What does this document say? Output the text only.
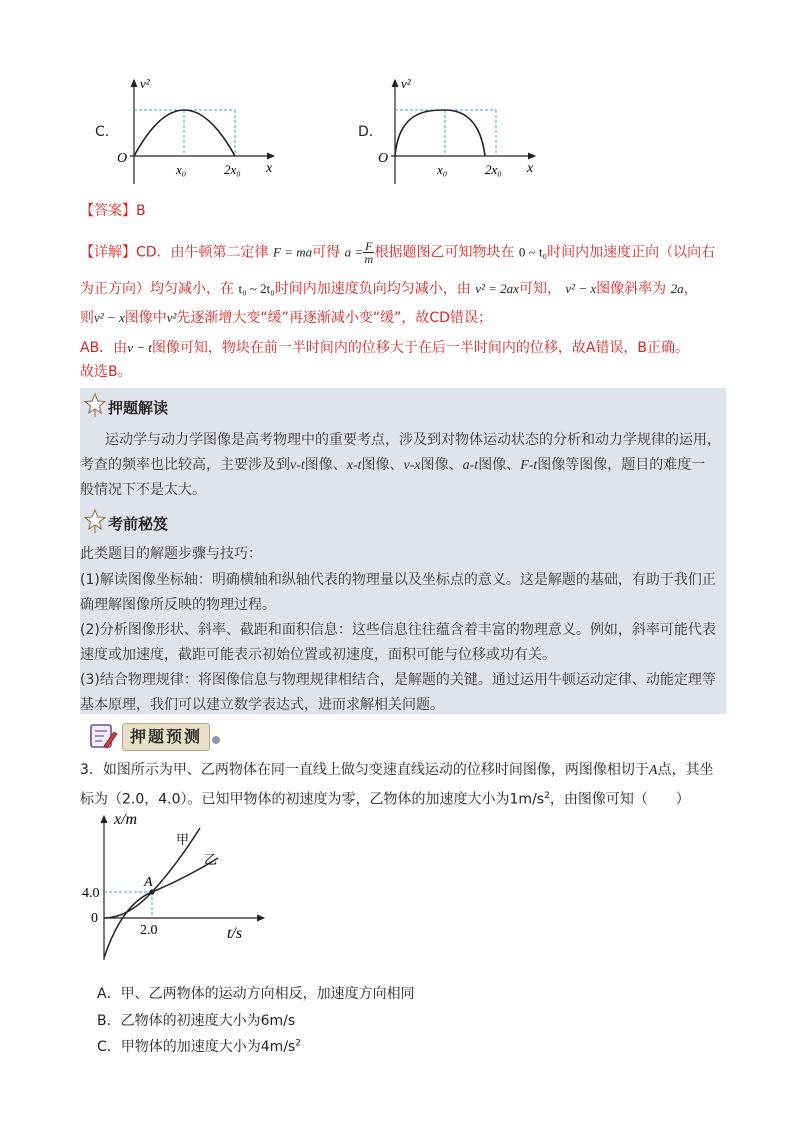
C.
v²
x
O
x₀	2x₀
D.
v²
x
O
x₀	2x₀
【答案】B
【详解】CD．由牛顿第二定律 F = ma可得 $a = \frac{F}{m}$ 根据题图乙可知物块在 0 ~ t₀时间内加速度正向（以向右
为正方向）均匀减小，在 t₀ ~ 2t₀时间内加速度负向均匀减小，由 v² = 2ax可知， v² − x图像斜率为 2a，
则v² − x图像中v²先逐渐增大变“缓”再逐渐减小变“缓”，故CD错误；
AB．由v − t图像可知，物块在前一半时间内的位移大于在后一半时间内的位移，故A错误，B正确。
故选B。
押题解读
运动学与动力学图像是高考物理中的重要考点，涉及到对物体运动状态的分析和动力学规律的运用，
考查的频率也比较高，主要涉及到v-t图像、x-t图像、v-x图像、a-t图像、F-t图像等图像，题目的难度一
般情况下不是太大。
考前秘笈
此类题目的解题步骤与技巧：
(1)解读图像坐标轴：明确横轴和纵轴代表的物理量以及坐标点的意义。这是解题的基础，有助于我们正
确理解图像所反映的物理过程。
(2)分析图像形状、斜率、截距和面积信息：这些信息往往蕴含着丰富的物理意义。例如，斜率可能代表
速度或加速度，截距可能表示初始位置或初速度，面积可能与位移或功有关。
(3)结合物理规律：将图像信息与物理规律相结合，是解题的关键。通过运用牛顿运动定律、动能定理等
基本原理，我们可以建立数学表达式，进而求解相关问题。
押题预测
3．如图所示为甲、乙两物体在同一直线上做匀变速直线运动的位移时间图像，两图像相切于A点，其坐
标为（2.0，4.0）。已知甲物体的初速度为零，乙物体的加速度大小为$1m/s^2$，由图像可知（　　）
x/m
t/s
4.0
2.0
0
A
甲
乙
A．甲、乙两物体的运动方向相反，加速度方向相同
B．乙物体的初速度大小为6m/s
C．甲物体的加速度大小为$4m/s^2$
